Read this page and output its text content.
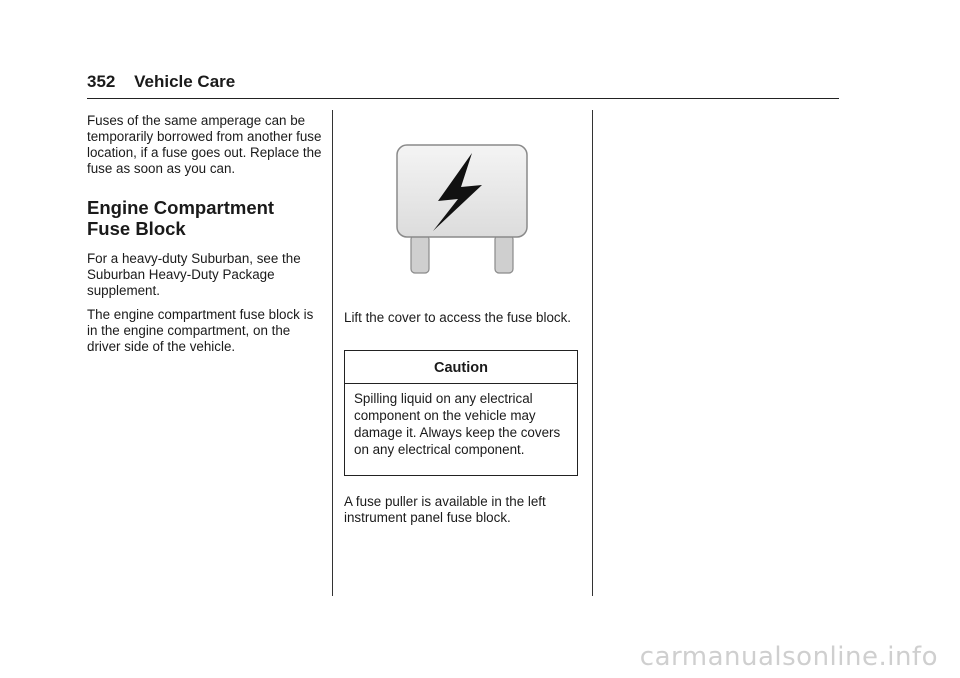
352 Vehicle Care

Fuses of the same amperage can be temporarily borrowed from another fuse location, if a fuse goes out. Replace the fuse as soon as you can.

Engine Compartment
Fuse Block

For a heavy-duty Suburban, see the Suburban Heavy-Duty Package supplement.

The engine compartment fuse block is in the engine compartment, on the driver side of the vehicle.

Lift the cover to access the fuse block.

Caution
Spilling liquid on any electrical component on the vehicle may damage it. Always keep the covers on any electrical component.

A fuse puller is available in the left instrument panel fuse block.

carmanualsonline.info
